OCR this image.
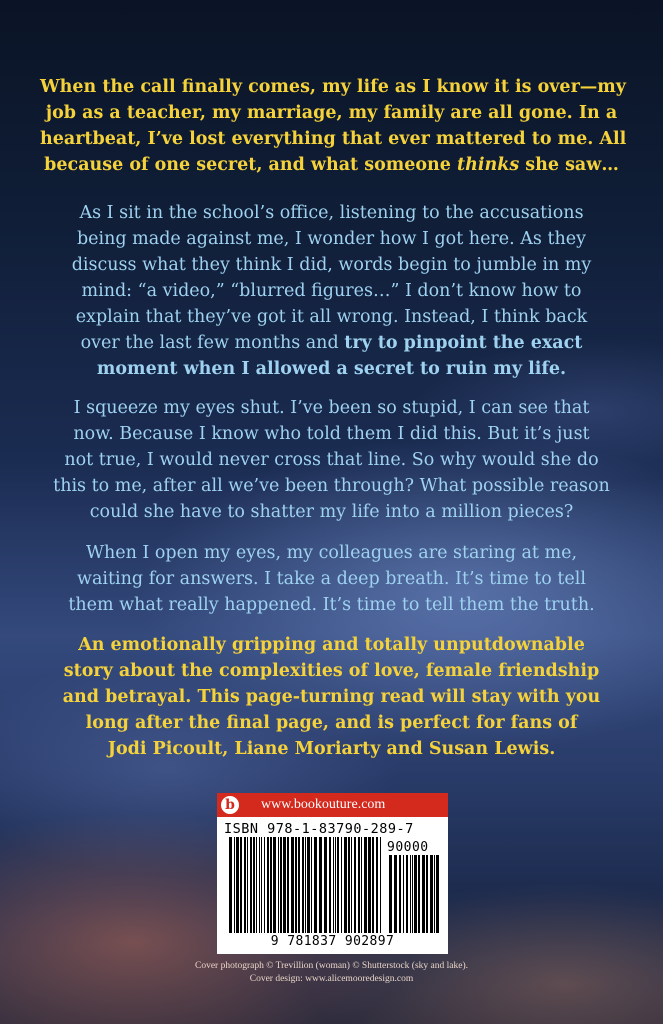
When the call finally comes, my life as I know it is over—my
job as a teacher, my marriage, my family are all gone. In a
heartbeat, I’ve lost everything that ever mattered to me. All
because of one secret, and what someone thinks she saw…
As I sit in the school’s office, listening to the accusations
being made against me, I wonder how I got here. As they
discuss what they think I did, words begin to jumble in my
mind: “a video,” “blurred figures…” I don’t know how to
explain that they’ve got it all wrong. Instead, I think back
over the last few months and try to pinpoint the exact
moment when I allowed a secret to ruin my life.
I squeeze my eyes shut. I’ve been so stupid, I can see that
now. Because I know who told them I did this. But it’s just
not true, I would never cross that line. So why would she do
this to me, after all we’ve been through? What possible reason
could she have to shatter my life into a million pieces?
When I open my eyes, my colleagues are staring at me,
waiting for answers. I take a deep breath. It’s time to tell
them what really happened. It’s time to tell them the truth.
An emotionally gripping and totally unputdownable
story about the complexities of love, female friendship
and betrayal. This page-turning read will stay with you
long after the final page, and is perfect for fans of
Jodi Picoult, Liane Moriarty and Susan Lewis.
b www.bookouture.com
ISBN 978-1-83790-289-7
90000
9 781837 902897
Cover photograph © Trevillion (woman) © Shutterstock (sky and lake).
Cover design: www.alicemooredesign.com
